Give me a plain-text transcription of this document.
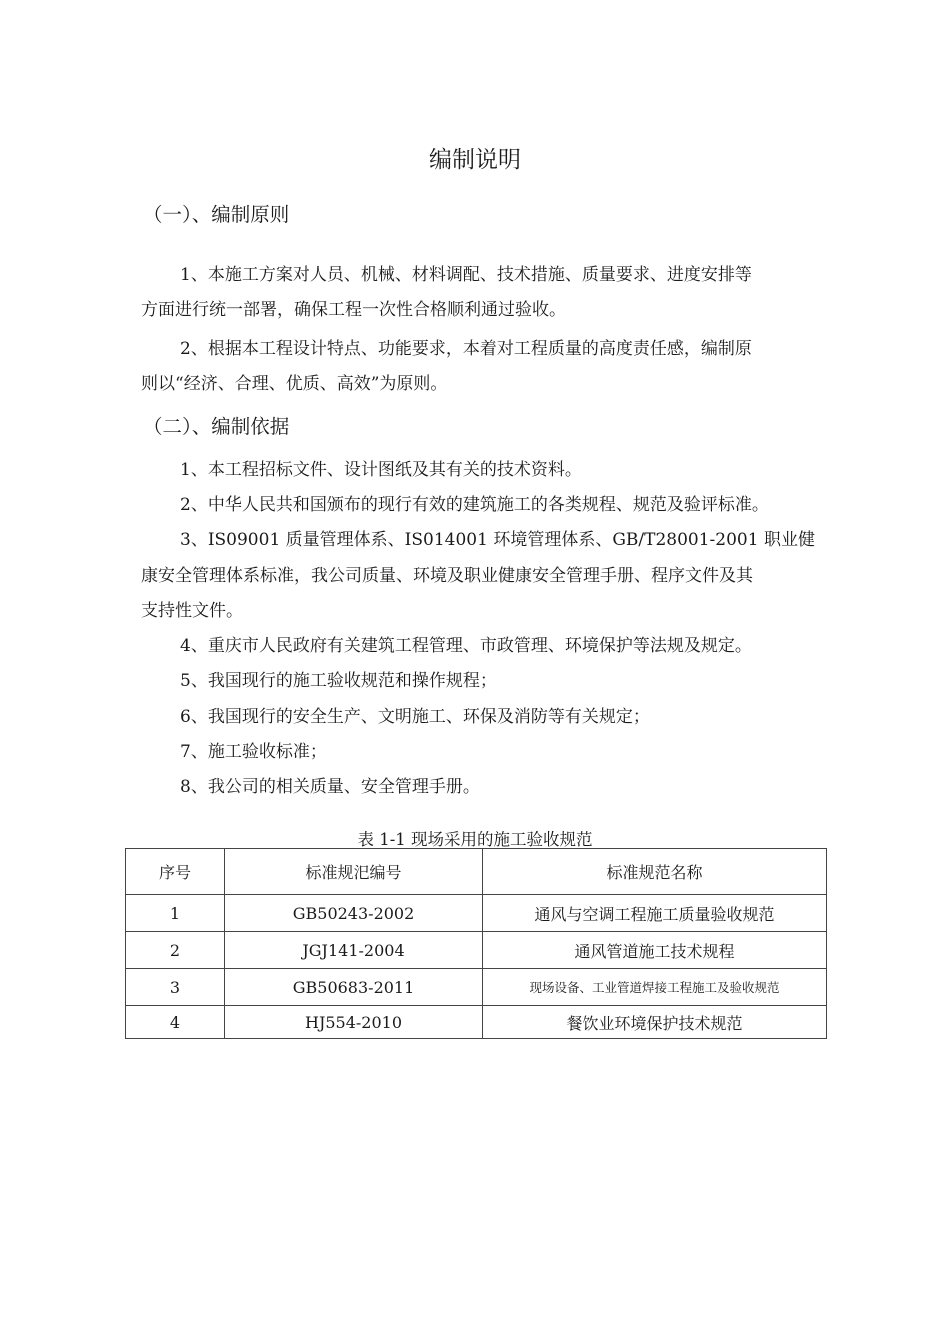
编制说明
（一）、编制原则
1、本施工方案对人员、机械、材料调配、技术措施、质量要求、进度安排等
方面进行统一部署，确保工程一次性合格顺利通过验收。
2、根据本工程设计特点、功能要求，本着对工程质量的高度责任感，编制原
则以“经济、合理、优质、高效”为原则。
（二）、编制依据
1、本工程招标文件、设计图纸及其有关的技术资料。
2、中华人民共和国颁布的现行有效的建筑施工的各类规程、规范及验评标准。
3、IS09001 质量管理体系、IS014001 环境管理体系、GB/T28001-2001 职业健
康安全管理体系标准，我公司质量、环境及职业健康安全管理手册、程序文件及其
支持性文件。
4、重庆市人民政府有关建筑工程管理、市政管理、环境保护等法规及规定。
5、我国现行的施工验收规范和操作规程；
6、我国现行的安全生产、文明施工、环保及消防等有关规定；
7、施工验收标准；
8、我公司的相关质量、安全管理手册。
表 1-1 现场采用的施工验收规范
序号	标准规汜编号	标准规范名称
1	GB50243-2002	通风与空调工程施工质量验收规范
2	JGJ141-2004	通风管道施工技术规程
3	GB50683-2011	现场设备、工业管道焊接工程施工及验收规范
4	HJ554-2010	餐饮业环境保护技术规范
